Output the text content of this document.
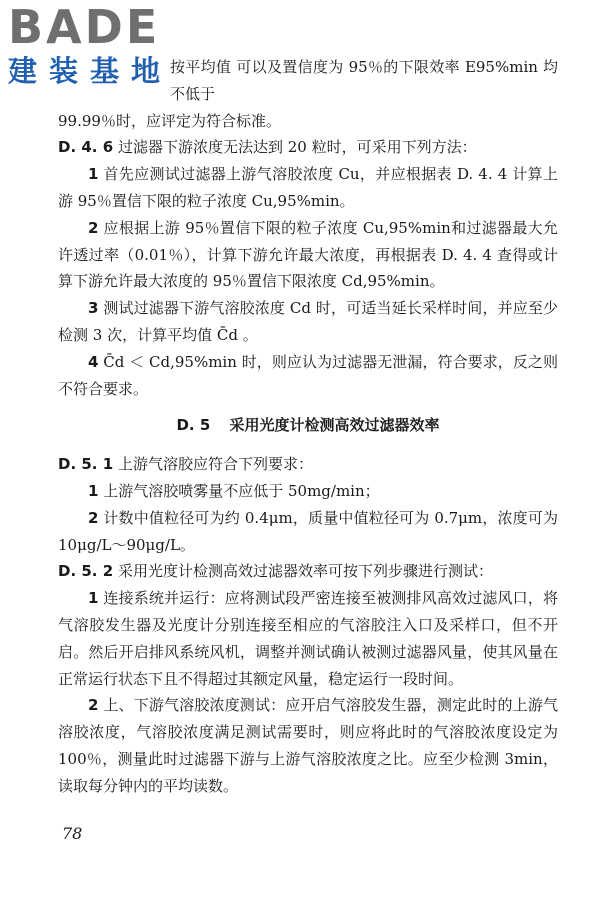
BADE
建装基地

按平均值 可以及置信度为 95％的下限效率 E95%min 均不低于

99.99％时，应评定为符合标准。

D. 4. 6 过滤器下游浓度无法达到 20 粒时，可采用下列方法：

1 首先应测试过滤器上游气溶胶浓度 Cu，并应根据表 D. 4. 4 计算上游 95％置信下限的粒子浓度 Cu,95%min。

2 应根据上游 95％置信下限的粒子浓度 Cu,95%min和过滤器最大允许透过率（0.01％），计算下游允许最大浓度，再根据表 D. 4. 4 查得或计算下游允许最大浓度的 95％置信下限浓度 Cd,95%min。

3 测试过滤器下游气溶胶浓度 Cd 时，可适当延长采样时间，并应至少检测 3 次，计算平均值 C̄d 。

4 C̄d ＜ Cd,95%min 时，则应认为过滤器无泄漏，符合要求，反之则不符合要求。

D. 5 采用光度计检测高效过滤器效率

D. 5. 1 上游气溶胶应符合下列要求：

1 上游气溶胶喷雾量不应低于 50mg/min；

2 计数中值粒径可为约 0.4μm，质量中值粒径可为 0.7μm，浓度可为 10μg/L～90μg/L。

D. 5. 2 采用光度计检测高效过滤器效率可按下列步骤进行测试：

1 连接系统并运行：应将测试段严密连接至被测排风高效过滤风口，将气溶胶发生器及光度计分别连接至相应的气溶胶注入口及采样口，但不开启。然后开启排风系统风机，调整并测试确认被测过滤器风量，使其风量在正常运行状态下且不得超过其额定风量，稳定运行一段时间。

2 上、下游气溶胶浓度测试：应开启气溶胶发生器，测定此时的上游气溶胶浓度，气溶胶浓度满足测试需要时，则应将此时的气溶胶浓度设定为 100％，测量此时过滤器下游与上游气溶胶浓度之比。应至少检测 3min，读取每分钟内的平均读数。

78
